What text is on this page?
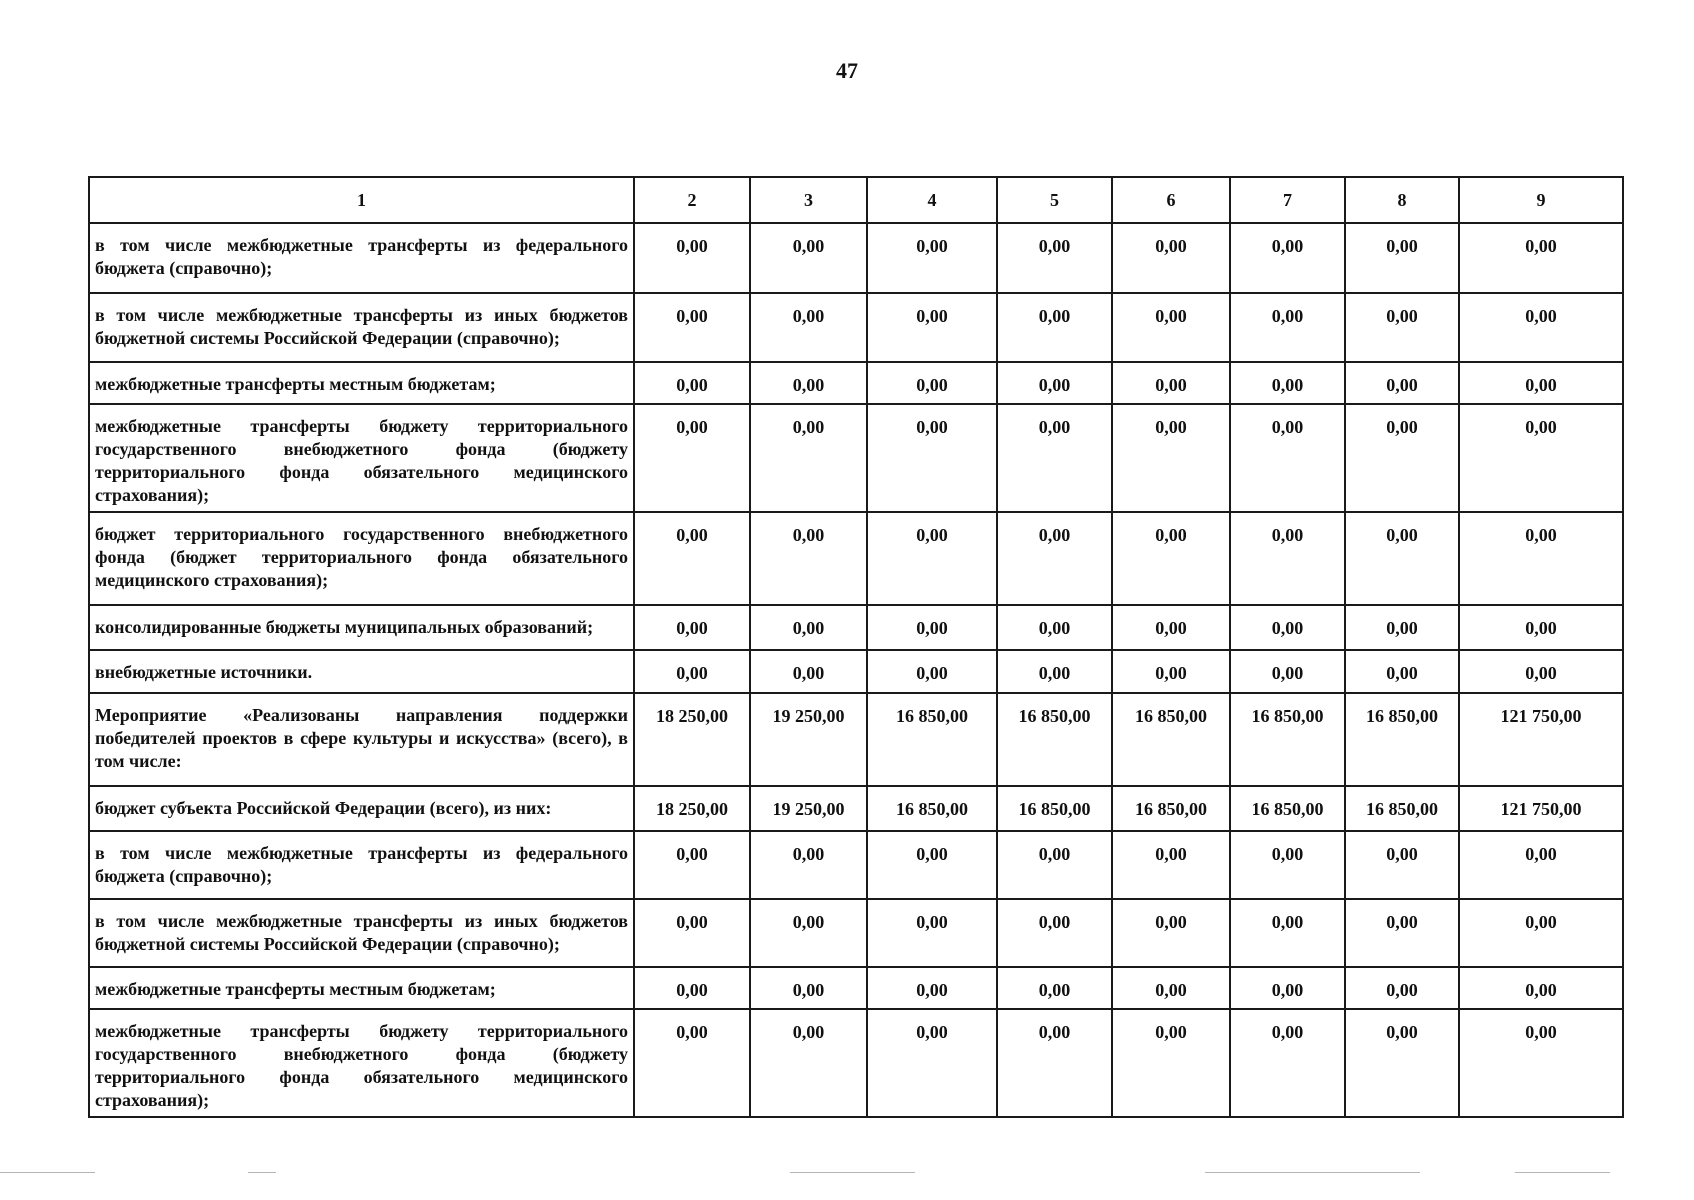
47
1	2	3	4	5	6	7	8	9
в том числе межбюджетные трансферты из федерального бюджета (справочно);	0,00	0,00	0,00	0,00	0,00	0,00	0,00	0,00
в том числе межбюджетные трансферты из иных бюджетов бюджетной системы Российской Федерации (справочно);	0,00	0,00	0,00	0,00	0,00	0,00	0,00	0,00
межбюджетные трансферты местным бюджетам;	0,00	0,00	0,00	0,00	0,00	0,00	0,00	0,00
межбюджетные трансферты бюджету территориального государственного внебюджетного фонда (бюджету территориального фонда обязательного медицинского страхования);	0,00	0,00	0,00	0,00	0,00	0,00	0,00	0,00
бюджет территориального государственного внебюджетного фонда (бюджет территориального фонда обязательного медицинского страхования);	0,00	0,00	0,00	0,00	0,00	0,00	0,00	0,00
консолидированные бюджеты муниципальных образований;	0,00	0,00	0,00	0,00	0,00	0,00	0,00	0,00
внебюджетные источники.	0,00	0,00	0,00	0,00	0,00	0,00	0,00	0,00
Мероприятие «Реализованы направления поддержки победителей проектов в сфере культуры и искусства» (всего), в том числе:	18 250,00	19 250,00	16 850,00	16 850,00	16 850,00	16 850,00	16 850,00	121 750,00
бюджет субъекта Российской Федерации (всего), из них:	18 250,00	19 250,00	16 850,00	16 850,00	16 850,00	16 850,00	16 850,00	121 750,00
в том числе межбюджетные трансферты из федерального бюджета (справочно);	0,00	0,00	0,00	0,00	0,00	0,00	0,00	0,00
в том числе межбюджетные трансферты из иных бюджетов бюджетной системы Российской Федерации (справочно);	0,00	0,00	0,00	0,00	0,00	0,00	0,00	0,00
межбюджетные трансферты местным бюджетам;	0,00	0,00	0,00	0,00	0,00	0,00	0,00	0,00
межбюджетные трансферты бюджету территориального государственного внебюджетного фонда (бюджету территориального фонда обязательного медицинского страхования);	0,00	0,00	0,00	0,00	0,00	0,00	0,00	0,00
